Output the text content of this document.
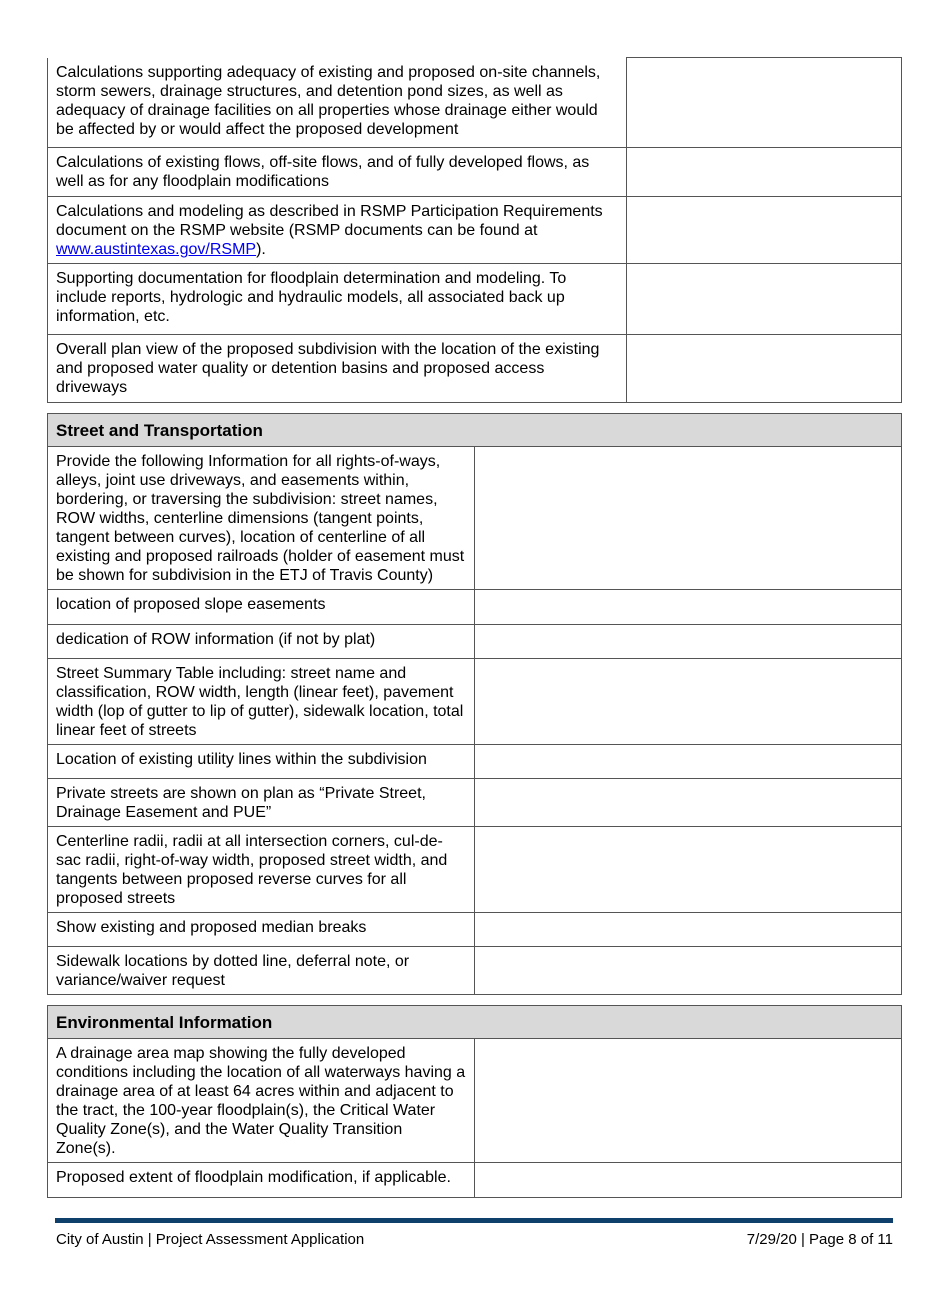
Calculations supporting adequacy of existing and proposed on-site channels, storm sewers, drainage structures, and detention pond sizes, as well as adequacy of drainage facilities on all properties whose drainage either would be affected by or would affect the proposed development	
Calculations of existing flows, off-site flows, and of fully developed flows, as well as for any floodplain modifications	
Calculations and modeling as described in RSMP Participation Requirements document on the RSMP website (RSMP documents can be found at www.austintexas.gov/RSMP).	
Supporting documentation for floodplain determination and modeling. To include reports, hydrologic and hydraulic models, all associated back up information, etc.	
Overall plan view of the proposed subdivision with the location of the existing and proposed water quality or detention basins and proposed access driveways	
Street and Transportation	
Provide the following Information for all rights-of-ways, alleys, joint use driveways, and easements within, bordering, or traversing the subdivision: street names, ROW widths, centerline dimensions (tangent points, tangent between curves), location of centerline of all existing and proposed railroads (holder of easement must be shown for subdivision in the ETJ of Travis County)	
location of proposed slope easements	
dedication of ROW information (if not by plat)	
Street Summary Table including: street name and classification, ROW width, length (linear feet), pavement width (lop of gutter to lip of gutter), sidewalk location, total linear feet of streets	
Location of existing utility lines within the subdivision	
Private streets are shown on plan as “Private Street, Drainage Easement and PUE”	
Centerline radii, radii at all intersection corners, cul-de-sac radii, right-of-way width, proposed street width, and tangents between proposed reverse curves for all proposed streets	
Show existing and proposed median breaks	
Sidewalk locations by dotted line, deferral note, or variance/waiver request	
Environmental Information	
A drainage area map showing the fully developed conditions including the location of all waterways having a drainage area of at least 64 acres within and adjacent to the tract, the 100-year floodplain(s), the Critical Water Quality Zone(s), and the Water Quality Transition Zone(s).	
Proposed extent of floodplain modification, if applicable.	
City of Austin | Project Assessment Application	7/29/20 | Page 8 of 11
